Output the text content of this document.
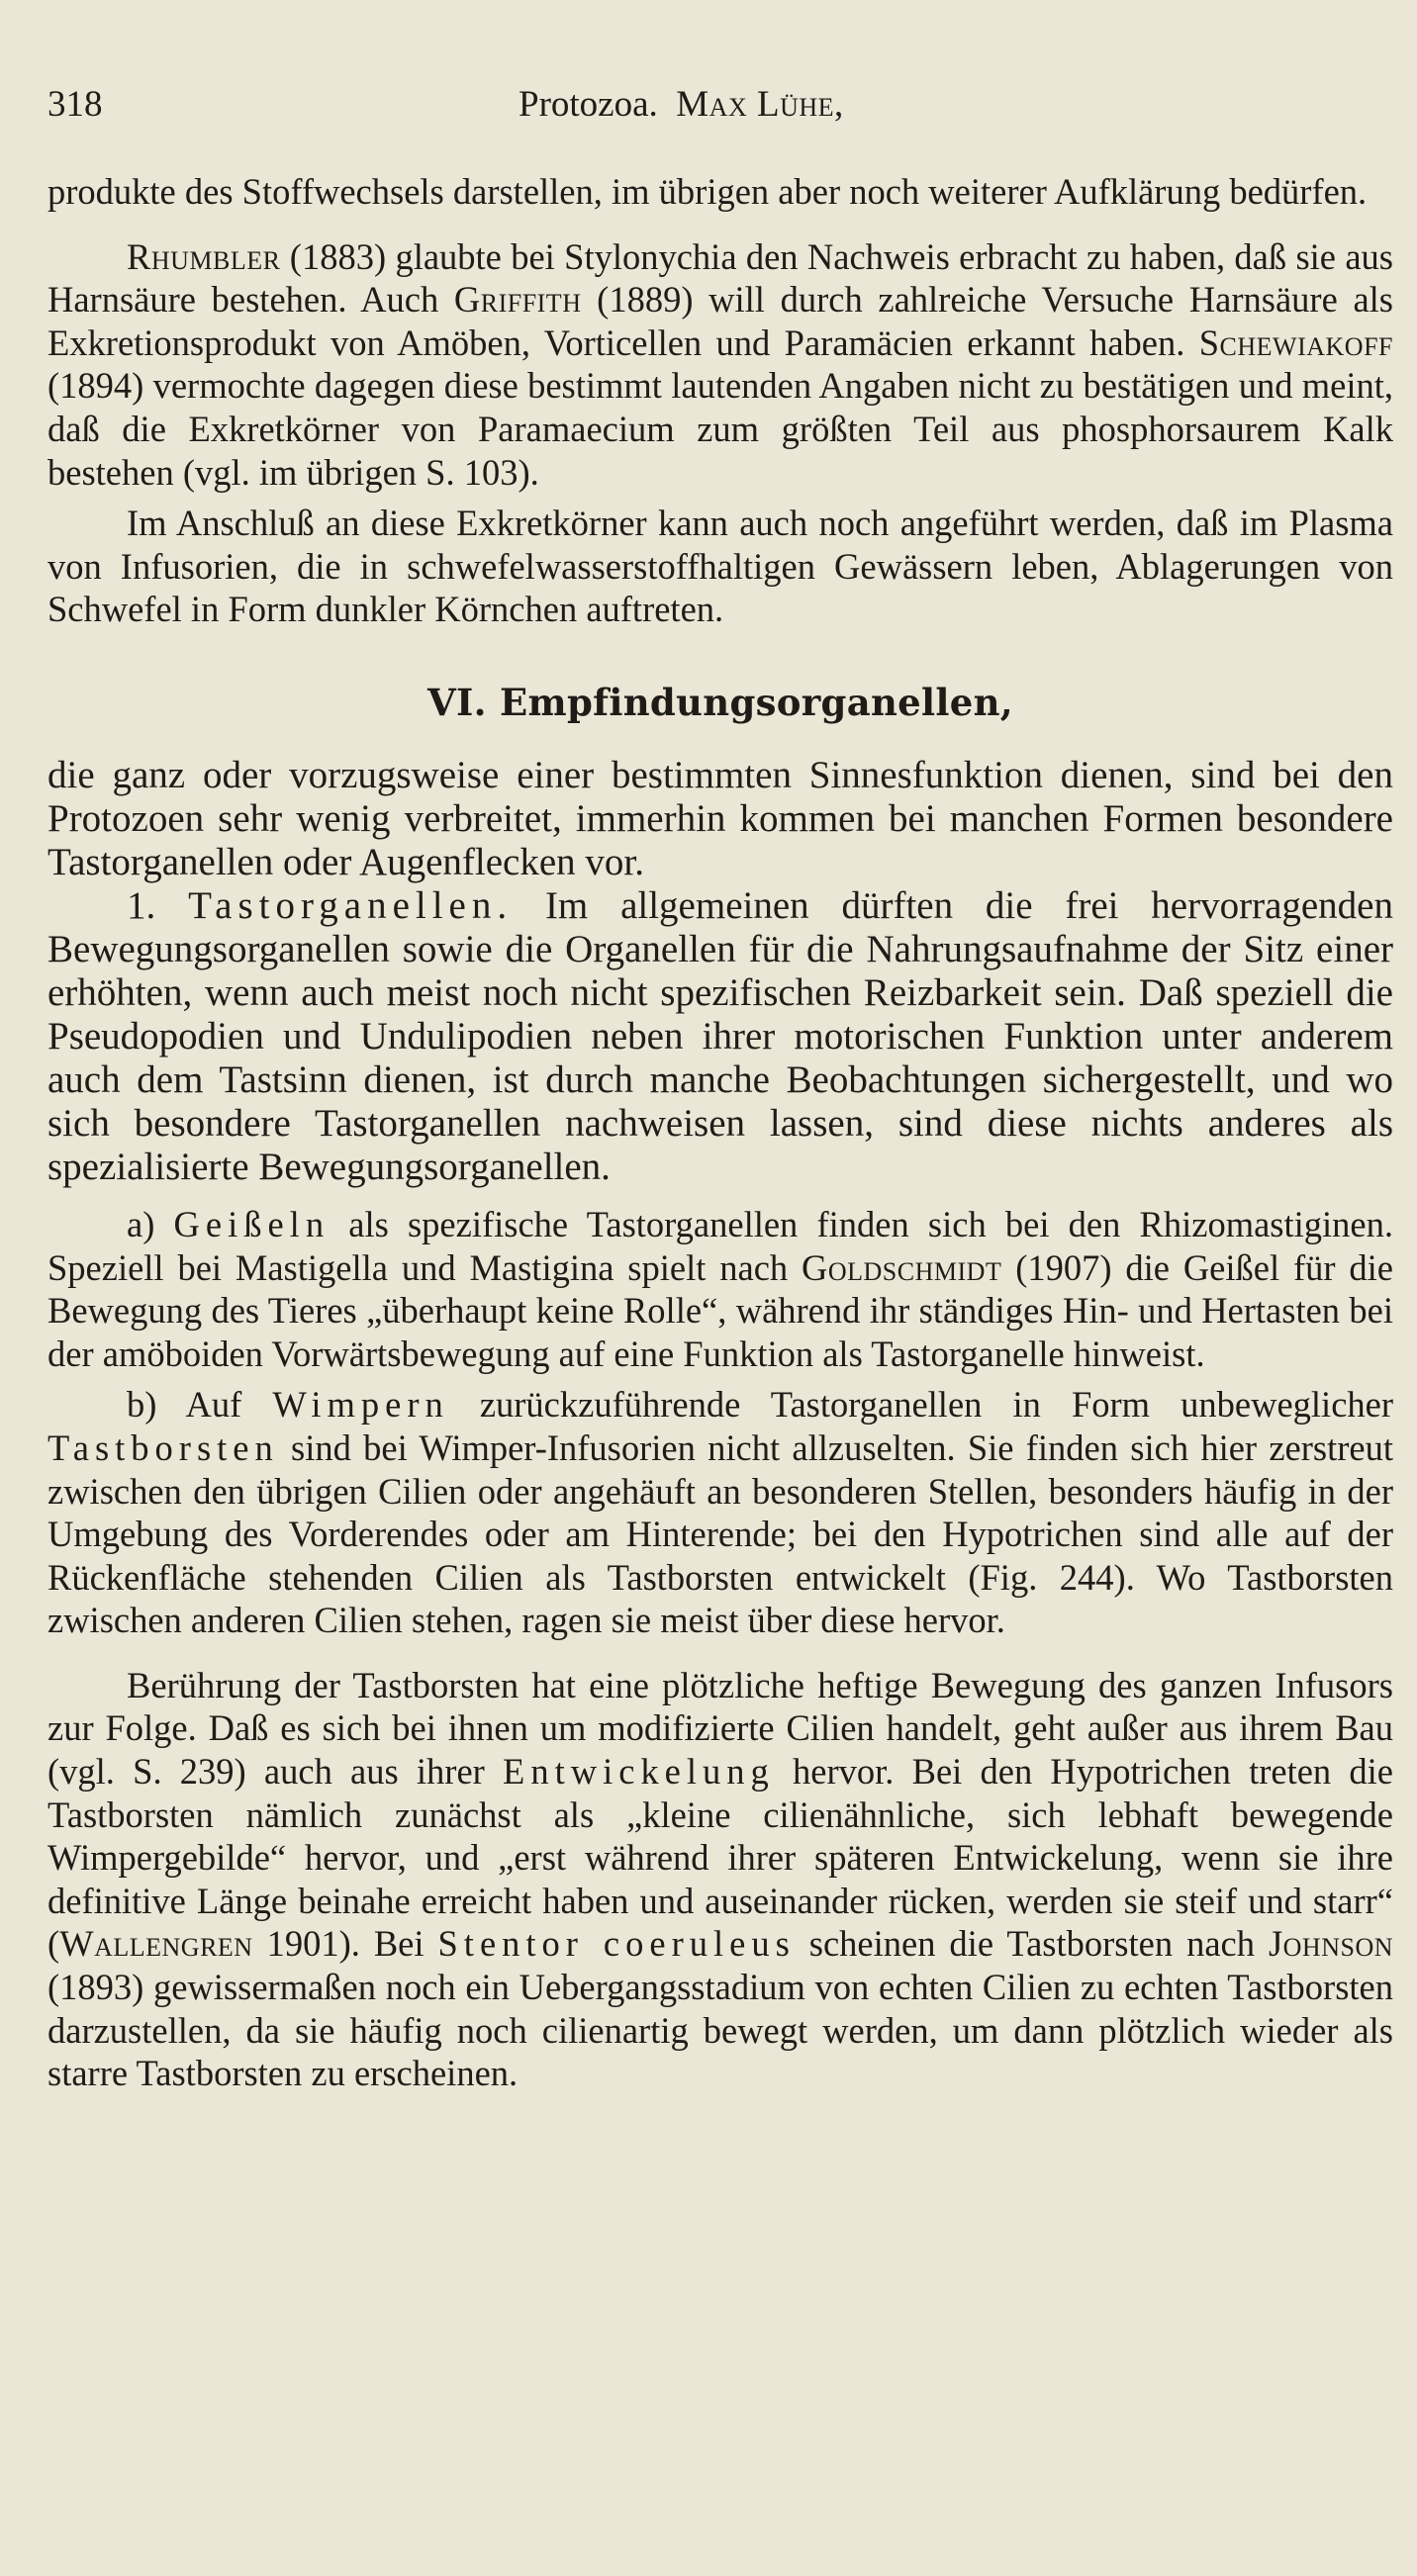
318	Protozoa. Max Lühe,

produkte des Stoffwechsels darstellen, im übrigen aber noch weiterer Aufklärung bedürfen.

Rhumbler (1883) glaubte bei Stylonychia den Nachweis erbracht zu haben, daß sie aus Harnsäure bestehen. Auch Griffith (1889) will durch zahlreiche Versuche Harnsäure als Exkretionsprodukt von Amöben, Vorticellen und Paramäcien erkannt haben. Schewiakoff (1894) vermochte dagegen diese bestimmt lautenden Angaben nicht zu bestätigen und meint, daß die Exkretkörner von Paramaecium zum größten Teil aus phosphorsaurem Kalk bestehen (vgl. im übrigen S. 103).

Im Anschluß an diese Exkretkörner kann auch noch angeführt werden, daß im Plasma von Infusorien, die in schwefelwasserstoffhaltigen Gewässern leben, Ablagerungen von Schwefel in Form dunkler Körnchen auftreten.

VI. Empfindungsorganellen,

die ganz oder vorzugsweise einer bestimmten Sinnesfunktion dienen, sind bei den Protozoen sehr wenig verbreitet, immerhin kommen bei manchen Formen besondere Tastorganellen oder Augenflecken vor.

1. Tastorganellen. Im allgemeinen dürften die frei hervorragenden Bewegungsorganellen sowie die Organellen für die Nahrungsaufnahme der Sitz einer erhöhten, wenn auch meist noch nicht spezifischen Reizbarkeit sein. Daß speziell die Pseudopodien und Undulipodien neben ihrer motorischen Funktion unter anderem auch dem Tastsinn dienen, ist durch manche Beobachtungen sichergestellt, und wo sich besondere Tastorganellen nachweisen lassen, sind diese nichts anderes als spezialisierte Bewegungsorganellen.

a) Geißeln als spezifische Tastorganellen finden sich bei den Rhizomastiginen. Speziell bei Mastigella und Mastigina spielt nach Goldschmidt (1907) die Geißel für die Bewegung des Tieres „überhaupt keine Rolle“, während ihr ständiges Hin- und Hertasten bei der amöboiden Vorwärtsbewegung auf eine Funktion als Tastorganelle hinweist.

b) Auf Wimpern zurückzuführende Tastorganellen in Form unbeweglicher Tastborsten sind bei Wimper-Infusorien nicht allzuselten. Sie finden sich hier zerstreut zwischen den übrigen Cilien oder angehäuft an besonderen Stellen, besonders häufig in der Umgebung des Vorderendes oder am Hinterende; bei den Hypotrichen sind alle auf der Rückenfläche stehenden Cilien als Tastborsten entwickelt (Fig. 244). Wo Tastborsten zwischen anderen Cilien stehen, ragen sie meist über diese hervor.

Berührung der Tastborsten hat eine plötzliche heftige Bewegung des ganzen Infusors zur Folge. Daß es sich bei ihnen um modifizierte Cilien handelt, geht außer aus ihrem Bau (vgl. S. 239) auch aus ihrer Entwickelung hervor. Bei den Hypotrichen treten die Tastborsten nämlich zunächst als „kleine cilienähnliche, sich lebhaft bewegende Wimpergebilde“ hervor, und „erst während ihrer späteren Entwickelung, wenn sie ihre definitive Länge beinahe erreicht haben und auseinander rücken, werden sie steif und starr“ (Wallengren 1901). Bei Stentor coeruleus scheinen die Tastborsten nach Johnson (1893) gewissermaßen noch ein Uebergangsstadium von echten Cilien zu echten Tastborsten darzustellen, da sie häufig noch cilienartig bewegt werden, um dann plötzlich wieder als starre Tastborsten zu erscheinen.
